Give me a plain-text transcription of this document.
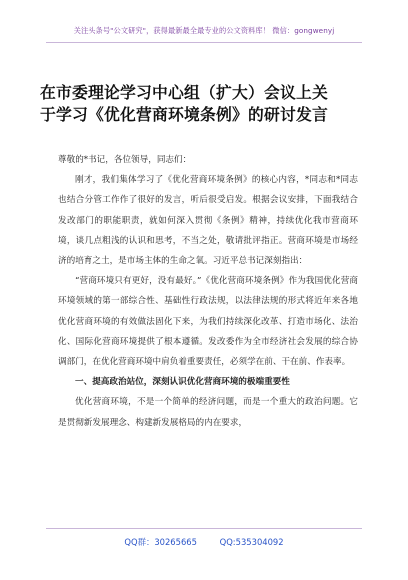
关注头条号"公文研究"，获得最新最全最专业的公文资料库！ 微信：gongwenyj
在市委理论学习中心组（扩大）会议上关
于学习《优化营商环境条例》的研讨发言

尊敬的*书记，各位领导，同志们：

刚才，我们集体学习了《优化营商环境条例》的核心内容，*同志和*同志也结合分管工作作了很好的发言，听后很受启发。根据会议安排，下面我结合发改部门的职能职责，就如何深入贯彻《条例》精神，持续优化我市营商环境，谈几点粗浅的认识和思考，不当之处，敬请批评指正。营商环境是市场经济的培育之土，是市场主体的生命之氧。习近平总书记深刻指出：

“营商环境只有更好，没有最好。”《优化营商环境条例》作为我国优化营商环境领域的第一部综合性、基础性行政法规，以法律法规的形式将近年来各地优化营商环境的有效做法固化下来，为我们持续深化改革、打造市场化、法治化、国际化营商环境提供了根本遵循。发改委作为全市经济社会发展的综合协调部门，在优化营商环境中肩负着重要责任，必须学在前、干在前、作表率。

一、提高政治站位，深刻认识优化营商环境的极端重要性

优化营商环境，不是一个简单的经济问题，而是一个重大的政治问题。它是贯彻新发展理念、构建新发展格局的内在要求，

QQ群：30265665	QQ:535304092
